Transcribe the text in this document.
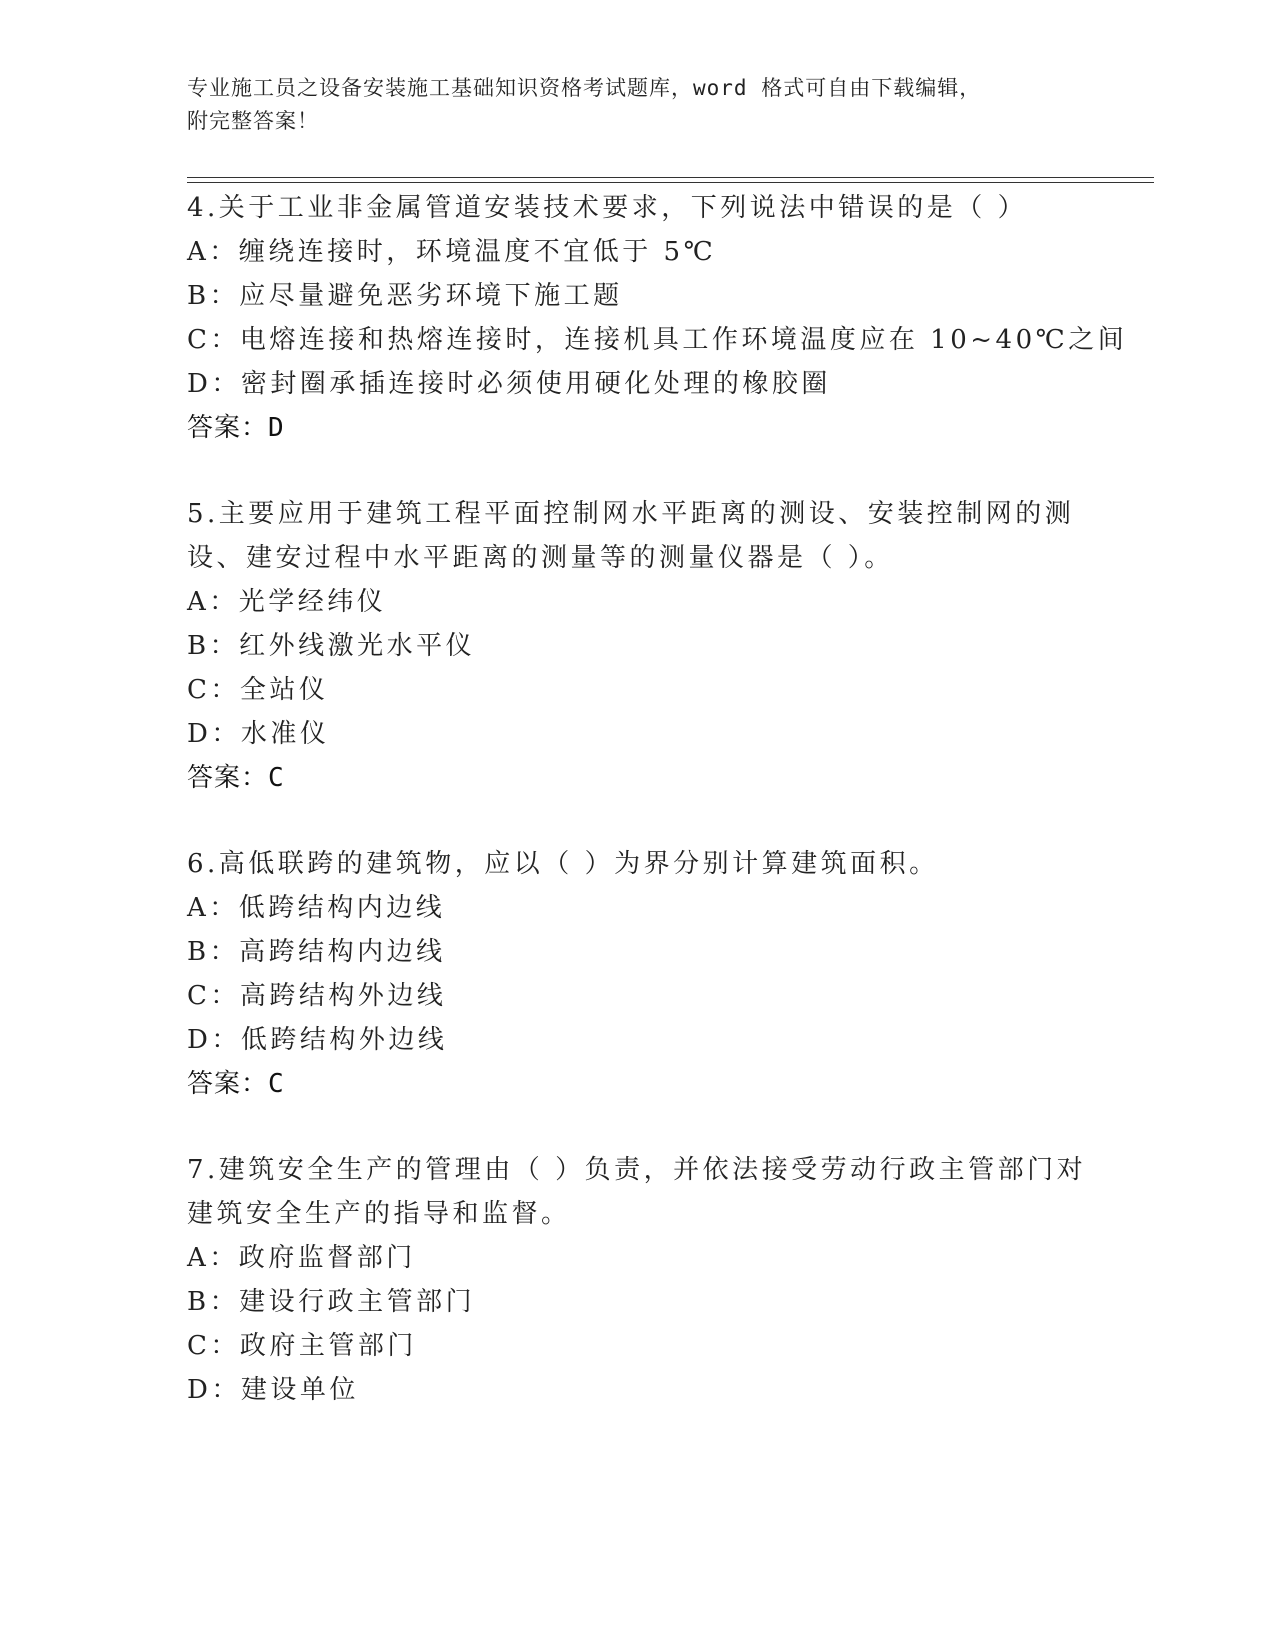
专业施工员之设备安装施工基础知识资格考试题库，word 格式可自由下载编辑，
附完整答案！
4.关于工业非金属管道安装技术要求，下列说法中错误的是（ ）
A：缠绕连接时，环境温度不宜低于 5℃
B：应尽量避免恶劣环境下施工题
C：电熔连接和热熔连接时，连接机具工作环境温度应在 10~40℃之间
D：密封圈承插连接时必须使用硬化处理的橡胶圈
答案：D
5.主要应用于建筑工程平面控制网水平距离的测设、安装控制网的测
设、建安过程中水平距离的测量等的测量仪器是（ ）。
A：光学经纬仪
B：红外线激光水平仪
C：全站仪
D：水准仪
答案：C
6.高低联跨的建筑物，应以（ ）为界分别计算建筑面积。
A：低跨结构内边线
B：高跨结构内边线
C：高跨结构外边线
D：低跨结构外边线
答案：C
7.建筑安全生产的管理由（ ）负责，并依法接受劳动行政主管部门对
建筑安全生产的指导和监督。
A：政府监督部门
B：建设行政主管部门
C：政府主管部门
D：建设单位
